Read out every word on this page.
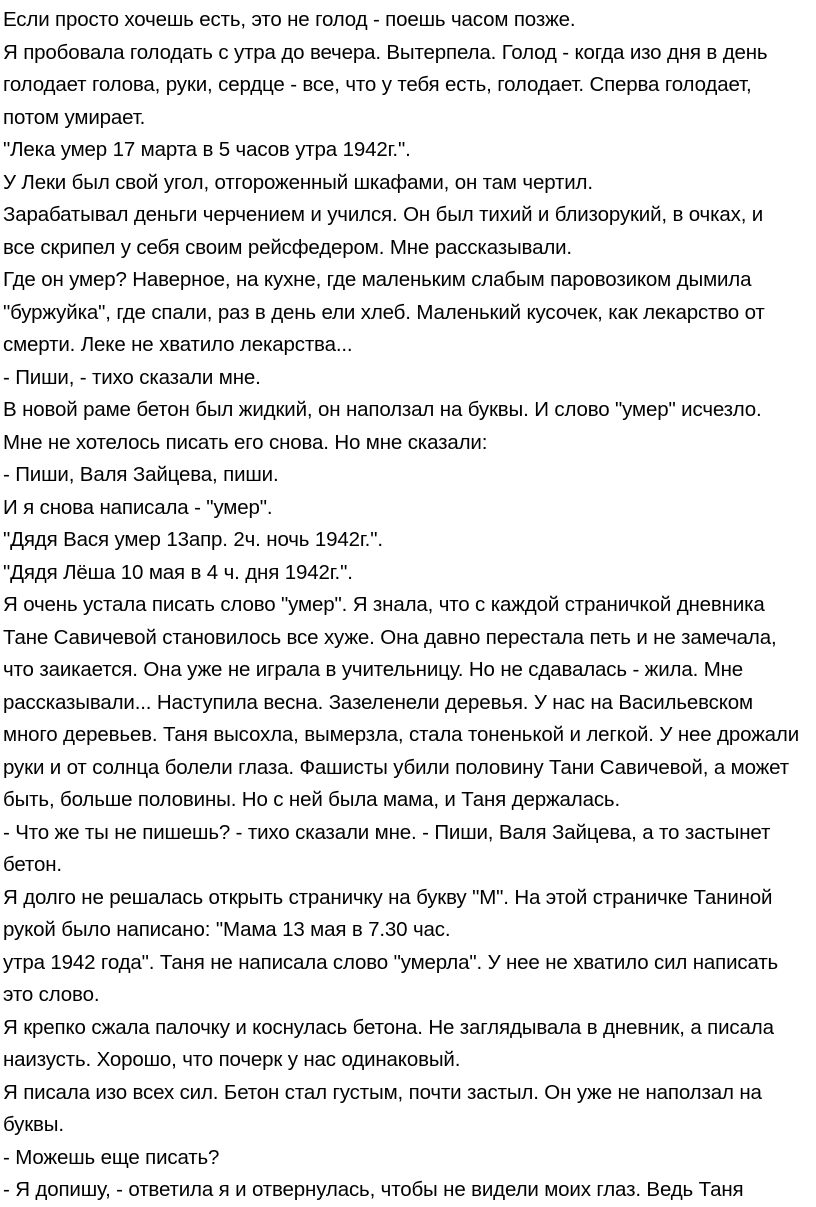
Если просто хочешь есть, это не голод - поешь часом позже.
Я пробовала голодать с утра до вечера. Вытерпела. Голод - когда изо дня в день
голодает голова, руки, сердце - все, что у тебя есть, голодает. Сперва голодает,
потом умирает.
"Лека умер 17 марта в 5 часов утра 1942г.".
У Леки был свой угол, отгороженный шкафами, он там чертил.
Зарабатывал деньги черчением и учился. Он был тихий и близорукий, в очках, и
все скрипел у себя своим рейсфедером. Мне рассказывали.
Где он умер? Наверное, на кухне, где маленьким слабым паровозиком дымила
"буржуйка", где спали, раз в день ели хлеб. Маленький кусочек, как лекарство от
смерти. Леке не хватило лекарства...
- Пиши, - тихо сказали мне.
В новой раме бетон был жидкий, он наползал на буквы. И слово "умер" исчезло.
Мне не хотелось писать его снова. Но мне сказали:
- Пиши, Валя Зайцева, пиши.
И я снова написала - "умер".
"Дядя Вася умер 13апр. 2ч. ночь 1942г.".
"Дядя Лёша 10 мая в 4 ч. дня 1942г.".
Я очень устала писать слово "умер". Я знала, что с каждой страничкой дневника
Тане Савичевой становилось все хуже. Она давно перестала петь и не замечала,
что заикается. Она уже не играла в учительницу. Но не сдавалась - жила. Мне
рассказывали... Наступила весна. Зазеленели деревья. У нас на Васильевском
много деревьев. Таня высохла, вымерзла, стала тоненькой и легкой. У нее дрожали
руки и от солнца болели глаза. Фашисты убили половину Тани Савичевой, а может
быть, больше половины. Но с ней была мама, и Таня держалась.
- Что же ты не пишешь? - тихо сказали мне. - Пиши, Валя Зайцева, а то застынет
бетон.
Я долго не решалась открыть страничку на букву "М". На этой страничке Таниной
рукой было написано: "Мама 13 мая в 7.30 час.
утра 1942 года". Таня не написала слово "умерла". У нее не хватило сил написать
это слово.
Я крепко сжала палочку и коснулась бетона. Не заглядывала в дневник, а писала
наизусть. Хорошо, что почерк у нас одинаковый.
Я писала изо всех сил. Бетон стал густым, почти застыл. Он уже не наползал на
буквы.
- Можешь еще писать?
- Я допишу, - ответила я и отвернулась, чтобы не видели моих глаз. Ведь Таня
